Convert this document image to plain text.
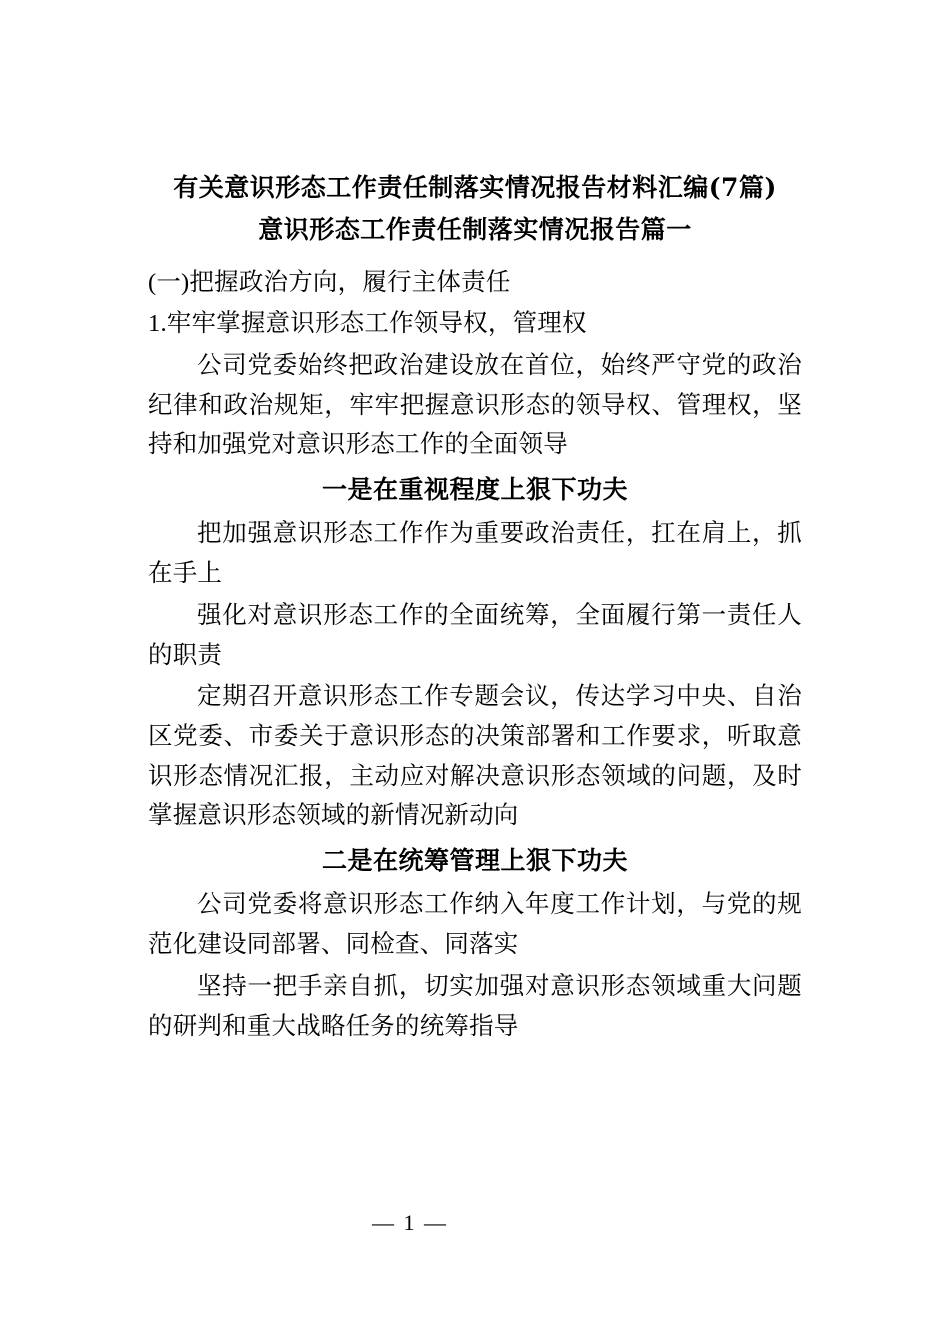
有关意识形态工作责任制落实情况报告材料汇编(7篇)
意识形态工作责任制落实情况报告篇一

(一)把握政治方向，履行主体责任

1.牢牢掌握意识形态工作领导权，管理权

公司党委始终把政治建设放在首位，始终严守党的政治纪律和政治规矩，牢牢把握意识形态的领导权、管理权，坚持和加强党对意识形态工作的全面领导

一是在重视程度上狠下功夫

把加强意识形态工作作为重要政治责任，扛在肩上，抓在手上

强化对意识形态工作的全面统筹，全面履行第一责任人的职责

定期召开意识形态工作专题会议，传达学习中央、自治区党委、市委关于意识形态的决策部署和工作要求，听取意识形态情况汇报，主动应对解决意识形态领域的问题，及时掌握意识形态领域的新情况新动向

二是在统筹管理上狠下功夫

公司党委将意识形态工作纳入年度工作计划，与党的规范化建设同部署、同检查、同落实

坚持一把手亲自抓，切实加强对意识形态领域重大问题的研判和重大战略任务的统筹指导

— 1 —
